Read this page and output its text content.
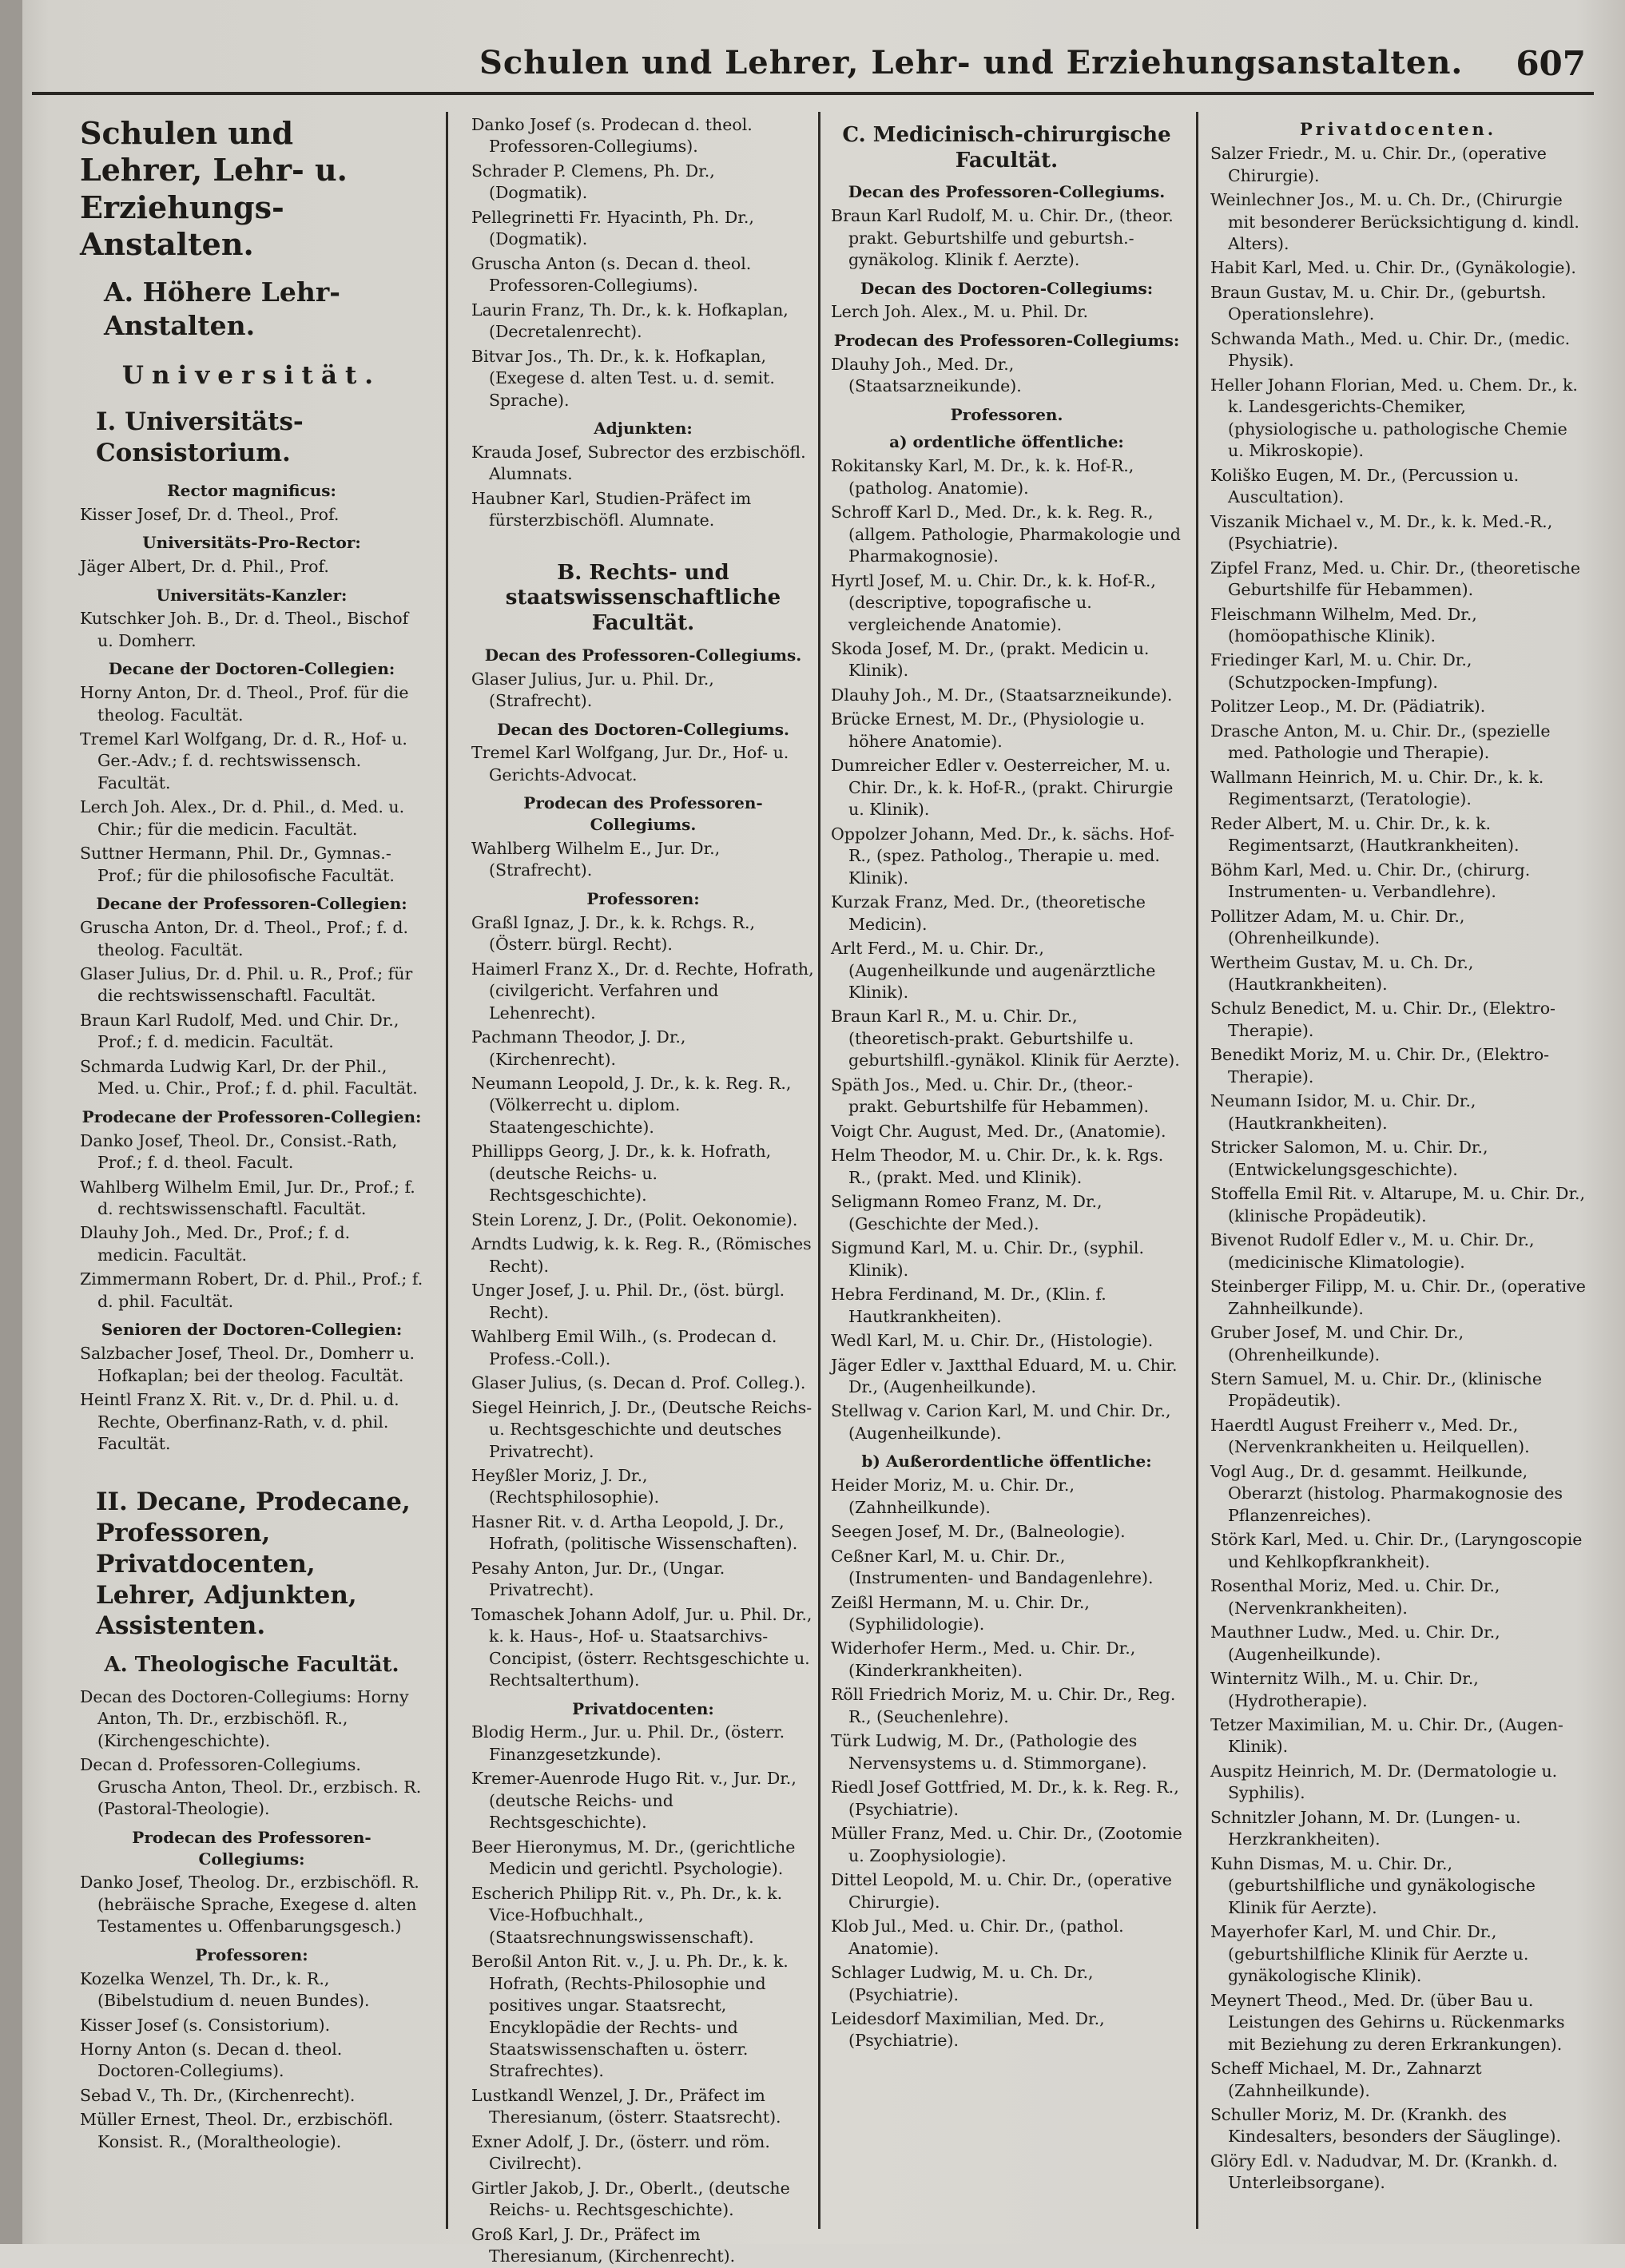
Schulen und Lehrer, Lehr- und Erziehungsanstalten. 607
Schulen und Lehrer, Lehr- u. Erziehungs-Anstalten.
A. Höhere Lehr-Anstalten.
Universität.
I. Universitäts-Consistorium.
Rector magnificus:
Kisser Josef, Dr. d. Theol., Prof.
Universitäts-Pro-Rector:
Jäger Albert, Dr. d. Phil., Prof.
Universitäts-Kanzler:
Kutschker Joh. B., Dr. d. Theol., Bischof u. Domherr.
Decane der Doctoren-Collegien:
Horny Anton, Dr. d. Theol., Prof. für die theolog. Facultät.
Tremel Karl Wolfgang, Dr. d. R., Hof- u. Ger.-Adv.; f. d. rechtswissensch. Facultät.
Lerch Joh. Alex., Dr. d. Phil., d. Med. u. Chir.; für die medicin. Facultät.
Suttner Hermann, Phil. Dr., Gymnas.-Prof.; für die philosofische Facultät.
Decane der Professoren-Collegien:
Gruscha Anton, Dr. d. Theol., Prof.; f. d. theolog. Facultät.
Glaser Julius, Dr. d. Phil. u. R., Prof.; für die rechtswissenschaftl. Facultät.
Braun Karl Rudolf, Med. und Chir. Dr., Prof.; f. d. medicin. Facultät.
Schmarda Ludwig Karl, Dr. der Phil., Med. u. Chir., Prof.; f. d. phil. Facultät.
Prodecane der Professoren-Collegien:
Danko Josef, Theol. Dr., Consist.-Rath, Prof.; f. d. theol. Facult.
Wahlberg Wilhelm Emil, Jur. Dr., Prof.; f. d. rechtswissenschaftl. Facultät.
Dlauhy Joh., Med. Dr., Prof.; f. d. medicin. Facultät.
Zimmermann Robert, Dr. d. Phil., Prof.; f. d. phil. Facultät.
Senioren der Doctoren-Collegien:
Salzbacher Josef, Theol. Dr., Domherr u. Hofkaplan; bei der theolog. Facultät.
Heintl Franz X. Rit. v., Dr. d. Phil. u. d. Rechte, Oberfinanz-Rath, v. d. phil. Facultät.
II. Decane, Prodecane, Professoren, Privatdocenten, Lehrer, Adjunkten, Assistenten.
A. Theologische Facultät.
Decan des Doctoren-Collegiums: Horny Anton, Th. Dr., erzbischöfl. R., (Kirchengeschichte).
Decan d. Professoren-Collegiums. Gruscha Anton, Theol. Dr., erzbisch. R. (Pastoral-Theologie).
Prodecan des Professoren-Collegiums:
Danko Josef, Theolog. Dr., erzbischöfl. R. (hebräische Sprache, Exegese d. alten Testamentes u. Offenbarungsgesch.)
Professoren:
Kozelka Wenzel, Th. Dr., k. R., (Bibelstudium d. neuen Bundes).
Kisser Josef (s. Consistorium).
Horny Anton (s. Decan d. theol. Doctoren-Collegiums).
Sebad V., Th. Dr., (Kirchenrecht).
Müller Ernest, Theol. Dr., erzbischöfl. Konsist. R., (Moraltheologie).
Danko Josef (s. Prodecan d. theol. Professoren-Collegiums).
Schrader P. Clemens, Ph. Dr., (Dogmatik).
Pellegrinetti Fr. Hyacinth, Ph. Dr., (Dogmatik).
Gruscha Anton (s. Decan d. theol. Professoren-Collegiums).
Laurin Franz, Th. Dr., k. k. Hofkaplan, (Decretalenrecht).
Bitvar Jos., Th. Dr., k. k. Hofkaplan, (Exegese d. alten Test. u. d. semit. Sprache).
Adjunkten:
Krauda Josef, Subrector des erzbischöfl. Alumnats.
Haubner Karl, Studien-Präfect im fürsterzbischöfl. Alumnate.
B. Rechts- und staatswissenschaftliche Facultät.
Decan des Professoren-Collegiums.
Glaser Julius, Jur. u. Phil. Dr., (Strafrecht).
Decan des Doctoren-Collegiums.
Tremel Karl Wolfgang, Jur. Dr., Hof- u. Gerichts-Advocat.
Prodecan des Professoren-Collegiums.
Wahlberg Wilhelm E., Jur. Dr., (Strafrecht).
Professoren:
Graßl Ignaz, J. Dr., k. k. Rchgs. R., (Österr. bürgl. Recht).
Haimerl Franz X., Dr. d. Rechte, Hofrath, (civilgericht. Verfahren und Lehenrecht).
Pachmann Theodor, J. Dr., (Kirchenrecht).
Neumann Leopold, J. Dr., k. k. Reg. R., (Völkerrecht u. diplom. Staatengeschichte).
Phillipps Georg, J. Dr., k. k. Hofrath, (deutsche Reichs- u. Rechtsgeschichte).
Stein Lorenz, J. Dr., (Polit. Oekonomie).
Arndts Ludwig, k. k. Reg. R., (Römisches Recht).
Unger Josef, J. u. Phil. Dr., (öst. bürgl. Recht).
Wahlberg Emil Wilh., (s. Prodecan d. Profess.-Coll.).
Glaser Julius, (s. Decan d. Prof. Colleg.).
Siegel Heinrich, J. Dr., (Deutsche Reichs- u. Rechtsgeschichte und deutsches Privatrecht).
Heyßler Moriz, J. Dr., (Rechtsphilosophie).
Hasner Rit. v. d. Artha Leopold, J. Dr., Hofrath, (politische Wissenschaften).
Pesahy Anton, Jur. Dr., (Ungar. Privatrecht).
Tomaschek Johann Adolf, Jur. u. Phil. Dr., k. k. Haus-, Hof- u. Staatsarchivs-Concipist, (österr. Rechtsgeschichte u. Rechtsalterthum).
Privatdocenten:
Blodig Herm., Jur. u. Phil. Dr., (österr. Finanzgesetzkunde).
Kremer-Auenrode Hugo Rit. v., Jur. Dr., (deutsche Reichs- und Rechtsgeschichte).
Beer Hieronymus, M. Dr., (gerichtliche Medicin und gerichtl. Psychologie).
Escherich Philipp Rit. v., Ph. Dr., k. k. Vice-Hofbuchhalt., (Staatsrechnungswissenschaft).
Beroßil Anton Rit. v., J. u. Ph. Dr., k. k. Hofrath, (Rechts-Philosophie und positives ungar. Staatsrecht, Encyklopädie der Rechts- und Staatswissenschaften u. österr. Strafrechtes).
Lustkandl Wenzel, J. Dr., Präfect im Theresianum, (österr. Staatsrecht).
Exner Adolf, J. Dr., (österr. und röm. Civilrecht).
Girtler Jakob, J. Dr., Oberlt., (deutsche Reichs- u. Rechtsgeschichte).
Groß Karl, J. Dr., Präfect im Theresianum, (Kirchenrecht).
C. Medicinisch-chirurgische Facultät.
Decan des Professoren-Collegiums.
Braun Karl Rudolf, M. u. Chir. Dr., (theor. prakt. Geburtshilfe und geburtsh.-gynäkolog. Klinik f. Aerzte).
Decan des Doctoren-Collegiums:
Lerch Joh. Alex., M. u. Phil. Dr.
Prodecan des Professoren-Collegiums:
Dlauhy Joh., Med. Dr., (Staatsarzneikunde).
Professoren.
a) ordentliche öffentliche:
Rokitansky Karl, M. Dr., k. k. Hof-R., (patholog. Anatomie).
Schroff Karl D., Med. Dr., k. k. Reg. R., (allgem. Pathologie, Pharmakologie und Pharmakognosie).
Hyrtl Josef, M. u. Chir. Dr., k. k. Hof-R., (descriptive, topografische u. vergleichende Anatomie).
Skoda Josef, M. Dr., (prakt. Medicin u. Klinik).
Dlauhy Joh., M. Dr., (Staatsarzneikunde).
Brücke Ernest, M. Dr., (Physiologie u. höhere Anatomie).
Dumreicher Edler v. Oesterreicher, M. u. Chir. Dr., k. k. Hof-R., (prakt. Chirurgie u. Klinik).
Oppolzer Johann, Med. Dr., k. sächs. Hof-R., (spez. Patholog., Therapie u. med. Klinik).
Kurzak Franz, Med. Dr., (theoretische Medicin).
Arlt Ferd., M. u. Chir. Dr., (Augenheilkunde und augenärztliche Klinik).
Braun Karl R., M. u. Chir. Dr., (theoretisch-prakt. Geburtshilfe u. geburtshilfl.-gynäkol. Klinik für Aerzte).
Späth Jos., Med. u. Chir. Dr., (theor.-prakt. Geburtshilfe für Hebammen).
Voigt Chr. August, Med. Dr., (Anatomie).
Helm Theodor, M. u. Chir. Dr., k. k. Rgs. R., (prakt. Med. und Klinik).
Seligmann Romeo Franz, M. Dr., (Geschichte der Med.).
Sigmund Karl, M. u. Chir. Dr., (syphil. Klinik).
Hebra Ferdinand, M. Dr., (Klin. f. Hautkrankheiten).
Wedl Karl, M. u. Chir. Dr., (Histologie).
Jäger Edler v. Jaxtthal Eduard, M. u. Chir. Dr., (Augenheilkunde).
Stellwag v. Carion Karl, M. und Chir. Dr., (Augenheilkunde).
b) Außerordentliche öffentliche:
Heider Moriz, M. u. Chir. Dr., (Zahnheilkunde).
Seegen Josef, M. Dr., (Balneologie).
Ceßner Karl, M. u. Chir. Dr., (Instrumenten- und Bandagenlehre).
Zeißl Hermann, M. u. Chir. Dr., (Syphilidologie).
Widerhofer Herm., Med. u. Chir. Dr., (Kinderkrankheiten).
Röll Friedrich Moriz, M. u. Chir. Dr., Reg. R., (Seuchenlehre).
Türk Ludwig, M. Dr., (Pathologie des Nervensystems u. d. Stimmorgane).
Riedl Josef Gottfried, M. Dr., k. k. Reg. R., (Psychiatrie).
Müller Franz, Med. u. Chir. Dr., (Zootomie u. Zoophysiologie).
Dittel Leopold, M. u. Chir. Dr., (operative Chirurgie).
Klob Jul., Med. u. Chir. Dr., (pathol. Anatomie).
Schlager Ludwig, M. u. Ch. Dr., (Psychiatrie).
Leidesdorf Maximilian, Med. Dr., (Psychiatrie).
Privatdocenten.
Salzer Friedr., M. u. Chir. Dr., (operative Chirurgie).
Weinlechner Jos., M. u. Ch. Dr., (Chirurgie mit besonderer Berücksichtigung d. kindl. Alters).
Habit Karl, Med. u. Chir. Dr., (Gynäkologie).
Braun Gustav, M. u. Chir. Dr., (geburtsh. Operationslehre).
Schwanda Math., Med. u. Chir. Dr., (medic. Physik).
Heller Johann Florian, Med. u. Chem. Dr., k. k. Landesgerichts-Chemiker, (physiologische u. pathologische Chemie u. Mikroskopie).
Koliško Eugen, M. Dr., (Percussion u. Auscultation).
Viszanik Michael v., M. Dr., k. k. Med.-R., (Psychiatrie).
Zipfel Franz, Med. u. Chir. Dr., (theoretische Geburtshilfe für Hebammen).
Fleischmann Wilhelm, Med. Dr., (homöopathische Klinik).
Friedinger Karl, M. u. Chir. Dr., (Schutzpocken-Impfung).
Politzer Leop., M. Dr. (Pädiatrik).
Drasche Anton, M. u. Chir. Dr., (spezielle med. Pathologie und Therapie).
Wallmann Heinrich, M. u. Chir. Dr., k. k. Regimentsarzt, (Teratologie).
Reder Albert, M. u. Chir. Dr., k. k. Regimentsarzt, (Hautkrankheiten).
Böhm Karl, Med. u. Chir. Dr., (chirurg. Instrumenten- u. Verbandlehre).
Pollitzer Adam, M. u. Chir. Dr., (Ohrenheilkunde).
Wertheim Gustav, M. u. Ch. Dr., (Hautkrankheiten).
Schulz Benedict, M. u. Chir. Dr., (Elektro-Therapie).
Benedikt Moriz, M. u. Chir. Dr., (Elektro-Therapie).
Neumann Isidor, M. u. Chir. Dr., (Hautkrankheiten).
Stricker Salomon, M. u. Chir. Dr., (Entwickelungsgeschichte).
Stoffella Emil Rit. v. Altarupe, M. u. Chir. Dr., (klinische Propädeutik).
Bivenot Rudolf Edler v., M. u. Chir. Dr., (medicinische Klimatologie).
Steinberger Filipp, M. u. Chir. Dr., (operative Zahnheilkunde).
Gruber Josef, M. und Chir. Dr., (Ohrenheilkunde).
Stern Samuel, M. u. Chir. Dr., (klinische Propädeutik).
Haerdtl August Freiherr v., Med. Dr., (Nervenkrankheiten u. Heilquellen).
Vogl Aug., Dr. d. gesammt. Heilkunde, Oberarzt (histolog. Pharmakognosie des Pflanzenreiches).
Störk Karl, Med. u. Chir. Dr., (Laryngoscopie und Kehlkopfkrankheit).
Rosenthal Moriz, Med. u. Chir. Dr., (Nervenkrankheiten).
Mauthner Ludw., Med. u. Chir. Dr., (Augenheilkunde).
Winternitz Wilh., M. u. Chir. Dr., (Hydrotherapie).
Tetzer Maximilian, M. u. Chir. Dr., (Augen-Klinik).
Auspitz Heinrich, M. Dr. (Dermatologie u. Syphilis).
Schnitzler Johann, M. Dr. (Lungen- u. Herzkrankheiten).
Kuhn Dismas, M. u. Chir. Dr., (geburtshilfliche und gynäkologische Klinik für Aerzte).
Mayerhofer Karl, M. und Chir. Dr., (geburtshilfliche Klinik für Aerzte u. gynäkologische Klinik).
Meynert Theod., Med. Dr. (über Bau u. Leistungen des Gehirns u. Rückenmarks mit Beziehung zu deren Erkrankungen).
Scheff Michael, M. Dr., Zahnarzt (Zahnheilkunde).
Schuller Moriz, M. Dr. (Krankh. des Kindesalters, besonders der Säuglinge).
Glöry Edl. v. Nadudvar, M. Dr. (Krankh. d. Unterleibsorgane).
